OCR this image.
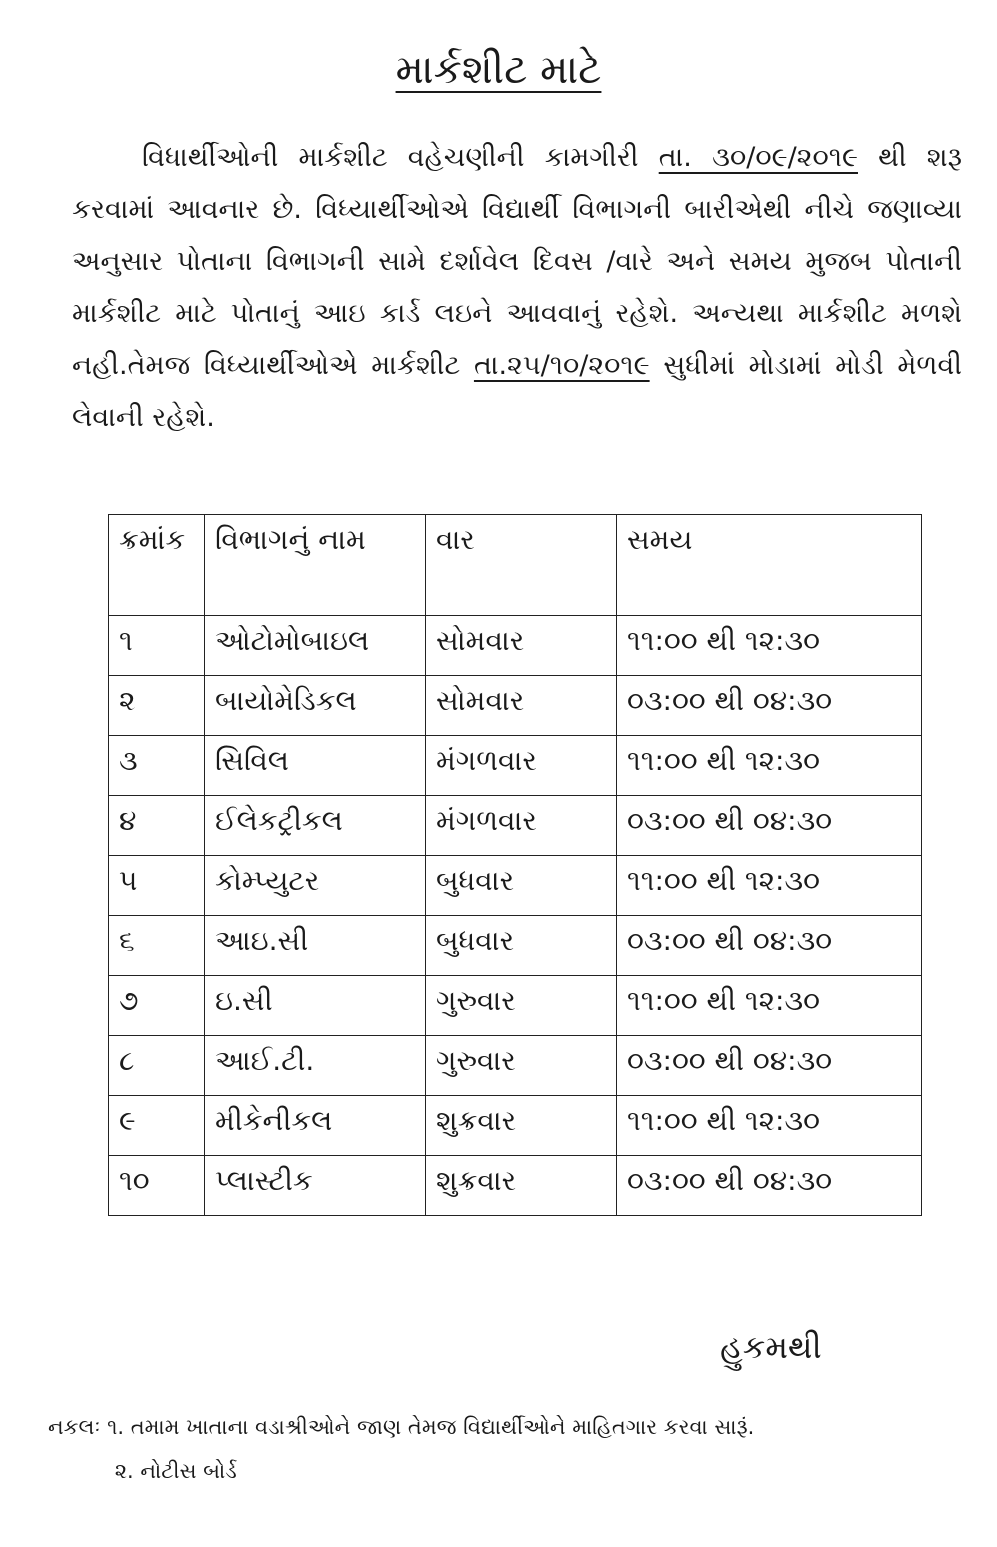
માર્કશીટ માટે
વિધાર્થીઓની માર્કશીટ વહેચણીની કામગીરી તા. ૩૦/૦૯/૨૦૧૯ થી શરૂ કરવામાં આવનાર છે. વિધ્યાર્થીઓએ વિદ્યાર્થી વિભાગની બારીએથી નીચે જણાવ્યા અનુસાર પોતાના વિભાગની સામે દર્શાવેલ દિવસ /વારે અને સમય મુજબ પોતાની માર્કશીટ માટે પોતાનું આઇ કાર્ડ લઇને આવવાનું રહેશે. અન્યથા માર્કશીટ મળશે નહી.તેમજ વિધ્યાર્થીઓએ માર્કશીટ તા.૨૫/૧૦/૨૦૧૯ સુધીમાં મોડામાં મોડી મેળવી લેવાની રહેશે.
ક્રમાંક	વિભાગનું નામ	વાર	સમય
૧	ઓટોમોબાઇલ	સોમવાર	૧૧:૦૦ થી ૧૨:૩૦
૨	બાયોમેડિકલ	સોમવાર	૦૩:૦૦ થી ૦૪:૩૦
૩	સિવિલ	મંગળવાર	૧૧:૦૦ થી ૧૨:૩૦
૪	ઈલેકટ્રીકલ	મંગળવાર	૦૩:૦૦ થી ૦૪:૩૦
૫	કોમ્પ્યુટર	બુધવાર	૧૧:૦૦ થી ૧૨:૩૦
૬	આઇ.સી	બુધવાર	૦૩:૦૦ થી ૦૪:૩૦
૭	ઇ.સી	ગુરુવાર	૧૧:૦૦ થી ૧૨:૩૦
૮	આઈ.ટી.	ગુરુવાર	૦૩:૦૦ થી ૦૪:૩૦
૯	મીકેનીકલ	શુક્રવાર	૧૧:૦૦ થી ૧૨:૩૦
૧૦	પ્લાસ્ટીક	શુક્રવાર	૦૩:૦૦ થી ૦૪:૩૦
હુકમથી
નકલઃ ૧. તમામ ખાતાના વડાશ્રીઓને જાણ તેમજ વિદ્યાર્થીઓને માહિતગાર કરવા સારૂં.
૨. નોટીસ બોર્ડ
